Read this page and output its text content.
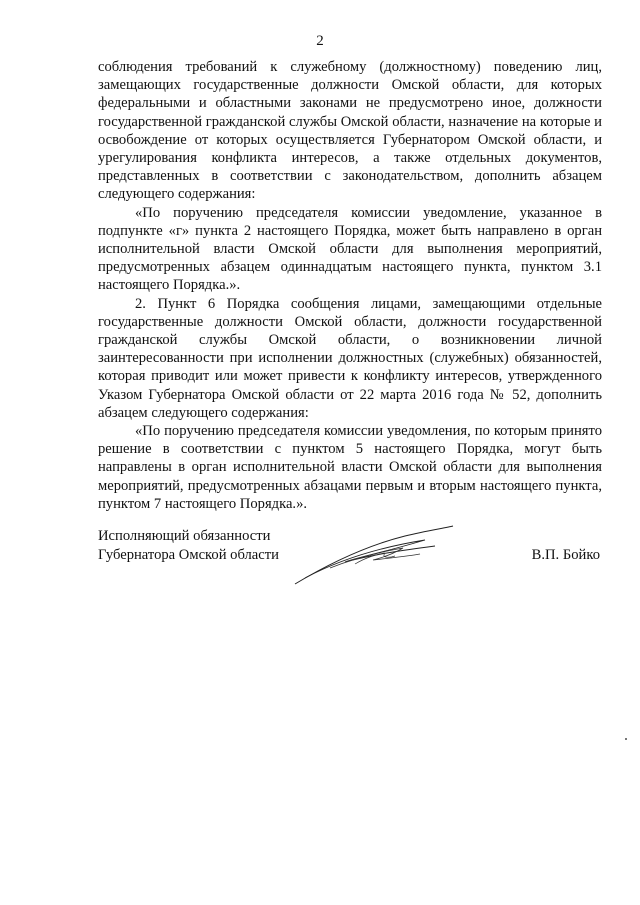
2

соблюдения требований к служебному (должностному) поведению лиц, замещающих государственные должности Омской области, для которых федеральными и областными законами не предусмотрено иное, должности государственной гражданской службы Омской области, назначение на которые и освобождение от которых осуществляется Губернатором Омской области, и урегулирования конфликта интересов, а также отдельных документов, представленных в соответствии с законодательством, дополнить абзацем следующего содержания:

«По поручению председателя комиссии уведомление, указанное в подпункте «г» пункта 2 настоящего Порядка, может быть направлено в орган исполнительной власти Омской области для выполнения мероприятий, предусмотренных абзацем одиннадцатым настоящего пункта, пунктом 3.1 настоящего Порядка.».

2. Пункт 6 Порядка сообщения лицами, замещающими отдельные государственные должности Омской области, должности государственной гражданской службы Омской области, о возникновении личной заинтересованности при исполнении должностных (служебных) обязанностей, которая приводит или может привести к конфликту интересов, утвержденного Указом Губернатора Омской области от 22 марта 2016 года № 52, дополнить абзацем следующего содержания:

«По поручению председателя комиссии уведомления, по которым принято решение в соответствии с пунктом 5 настоящего Порядка, могут быть направлены в орган исполнительной власти Омской области для выполнения мероприятий, предусмотренных абзацами первым и вторым настоящего пункта, пунктом 7 настоящего Порядка.».

Исполняющий обязанности
Губернатора Омской области	В.П. Бойко
